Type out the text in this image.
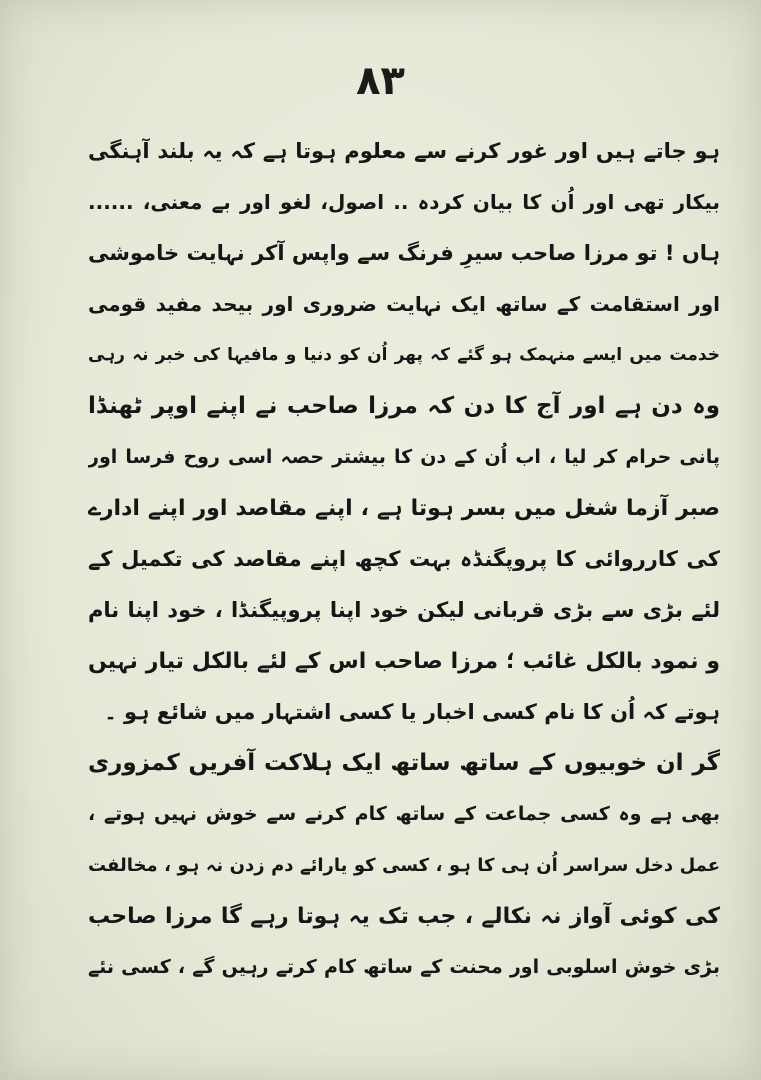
۸۳
ہو جاتے ہیں اور غور کرنے سے معلوم ہوتا ہے کہ یہ بلند آہنگی
بیکار تھی اور اُن کا بیان کردہ .. اصول، لغو اور بے معنی، ......
ہاں ! تو مرزا صاحب سیرِ فرنگ سے واپس آکر نہایت خاموشی
اور استقامت کے ساتھ ایک نہایت ضروری اور بیحد مفید قومی
خدمت میں ایسے منہمک ہو گئے کہ پھر اُن کو دنیا و مافیہا کی خبر نہ رہی
وہ دن ہے اور آج کا دن کہ مرزا صاحب نے اپنے اوپر ٹھنڈا
پانی حرام کر لیا ، اب اُن کے دن کا بیشتر حصہ اسی روح فرسا اور
صبر آزما شغل میں بسر ہوتا ہے ، اپنے مقاصد اور اپنے ادارے
کی کارروائی کا پروپگنڈہ بہت کچھ اپنے مقاصد کی تکمیل کے
لئے بڑی سے بڑی قربانی لیکن خود اپنا پروپیگنڈا ، خود اپنا نام
و نمود بالکل غائب ؛ مرزا صاحب اس کے لئے بالکل تیار نہیں
ہوتے کہ اُن کا نام کسی اخبار یا کسی اشتہار میں شائع ہو ۔
گر ان خوبیوں کے ساتھ ساتھ ایک ہلاکت آفریں کمزوری
بھی ہے وہ کسی جماعت کے ساتھ کام کرنے سے خوش نہیں ہوتے ،
عمل دخل سراسر اُن ہی کا ہو ، کسی کو یارائے دم زدن نہ ہو ، مخالفت
کی کوئی آواز نہ نکالے ، جب تک یہ ہوتا رہے گا مرزا صاحب
بڑی خوش اسلوبی اور محنت کے ساتھ کام کرتے رہیں گے ، کسی نئے
